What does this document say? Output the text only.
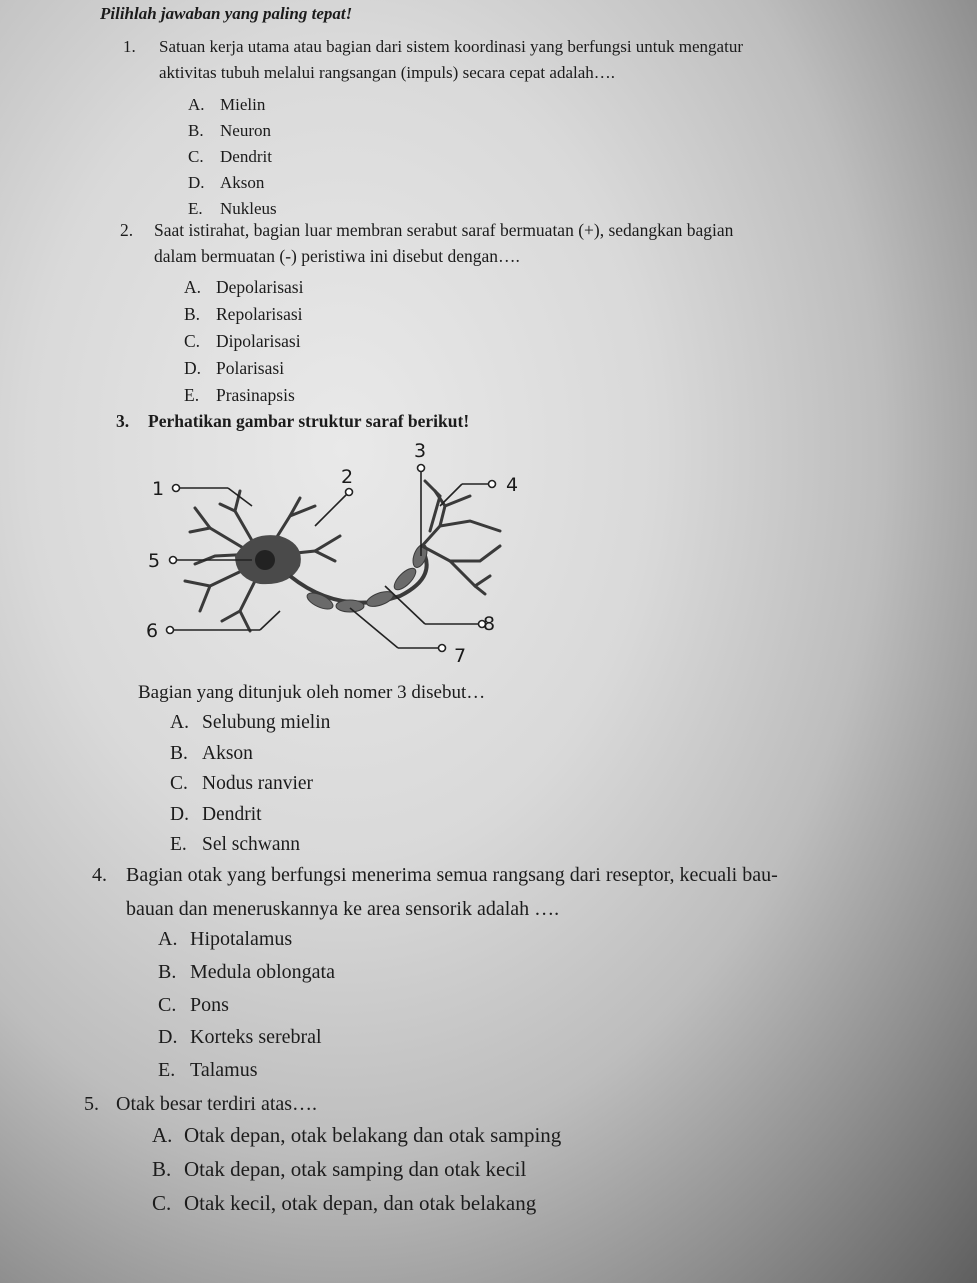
Pilihlah jawaban yang paling tepat!
1.	Satuan kerja utama atau bagian dari sistem koordinasi yang berfungsi untuk mengatur
aktivitas tubuh melalui rangsangan (impuls) secara cepat adalah….
A. Mielin
B. Neuron
C. Dendrit
D. Akson
E. Nukleus
2.	Saat istirahat, bagian luar membran serabut saraf bermuatan (+), sedangkan bagian
dalam bermuatan (-) peristiwa ini disebut dengan….
A. Depolarisasi
B. Repolarisasi
C. Dipolarisasi
D. Polarisasi
E. Prasinapsis
3.	Perhatikan gambar struktur saraf berikut!
1
2
3
4
5
6
7
8
Bagian yang ditunjuk oleh nomer 3 disebut…
A. Selubung mielin
B. Akson
C. Nodus ranvier
D. Dendrit
E. Sel schwann
4. Bagian otak yang berfungsi menerima semua rangsang dari reseptor, kecuali bau-
bauan dan meneruskannya ke area sensorik adalah ….
A. Hipotalamus
B. Medula oblongata
C. Pons
D. Korteks serebral
E. Talamus
5. Otak besar terdiri atas….
A. Otak depan, otak belakang dan otak samping
B. Otak depan, otak samping dan otak kecil
C. Otak kecil, otak depan, dan otak belakang
